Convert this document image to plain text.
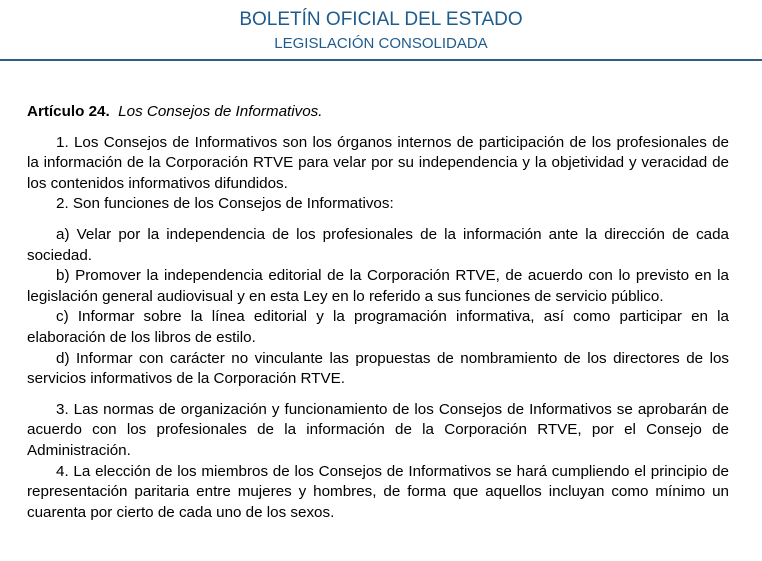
BOLETÍN OFICIAL DEL ESTADO
LEGISLACIÓN CONSOLIDADA
Artículo 24. Los Consejos de Informativos.

1. Los Consejos de Informativos son los órganos internos de participación de los profesionales de la información de la Corporación RTVE para velar por su independencia y la objetividad y veracidad de los contenidos informativos difundidos.

2. Son funciones de los Consejos de Informativos:

a) Velar por la independencia de los profesionales de la información ante la dirección de cada sociedad.

b) Promover la independencia editorial de la Corporación RTVE, de acuerdo con lo previsto en la legislación general audiovisual y en esta Ley en lo referido a sus funciones de servicio público.

c) Informar sobre la línea editorial y la programación informativa, así como participar en la elaboración de los libros de estilo.

d) Informar con carácter no vinculante las propuestas de nombramiento de los directores de los servicios informativos de la Corporación RTVE.

3. Las normas de organización y funcionamiento de los Consejos de Informativos se aprobarán de acuerdo con los profesionales de la información de la Corporación RTVE, por el Consejo de Administración.

4. La elección de los miembros de los Consejos de Informativos se hará cumpliendo el principio de representación paritaria entre mujeres y hombres, de forma que aquellos incluyan como mínimo un cuarenta por cierto de cada uno de los sexos.
